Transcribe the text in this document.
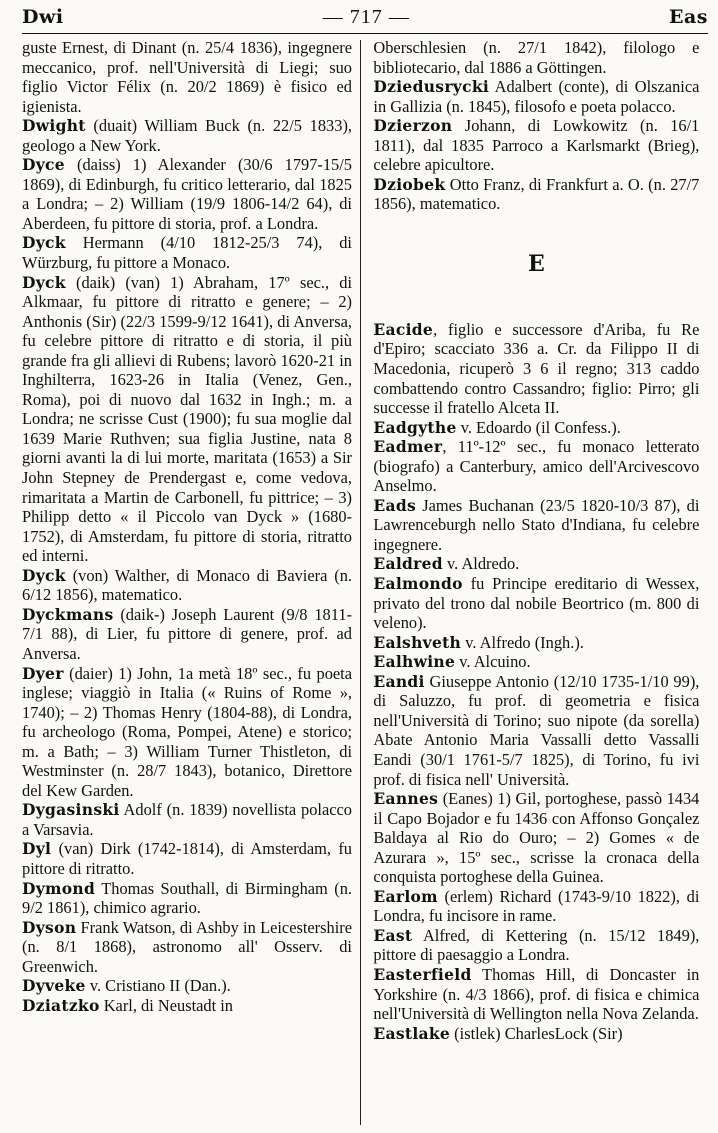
Dwi	— 717 —	Eas

guste Ernest, di Dinant (n. 25/4 1836), ingegnere meccanico, prof. nell'Università di Liegi; suo figlio Victor Félix (n. 20/2 1869) è fisico ed igienista.

Dwight (duait) William Buck (n. 22/5 1833), geologo a New York.

Dyce (daiss) 1) Alexander (30/6 1797-15/5 1869), di Edinburgh, fu critico letterario, dal 1825 a Londra; – 2) William (19/9 1806-14/2 64), di Aberdeen, fu pittore di storia, prof. a Londra.

Dyck Hermann (4/10 1812-25/3 74), di Würzburg, fu pittore a Monaco.

Dyck (daik) (van) 1) Abraham, 17º sec., di Alkmaar, fu pittore di ritratto e genere; – 2) Anthonis (Sir) (22/3 1599-9/12 1641), di Anversa, fu celebre pittore di ritratto e di storia, il più grande fra gli allievi di Rubens; lavorò 1620-21 in Inghilterra, 1623-26 in Italia (Venez, Gen., Roma), poi di nuovo dal 1632 in Ingh.; m. a Londra; ne scrisse Cust (1900); fu sua moglie dal 1639 Marie Ruthven; sua figlia Justine, nata 8 giorni avanti la di lui morte, maritata (1653) a Sir John Stepney de Prendergast e, come vedova, rimaritata a Martin de Carbonell, fu pittrice; – 3) Philipp detto « il Piccolo van Dyck » (1680-1752), di Amsterdam, fu pittore di storia, ritratto ed interni.

Dyck (von) Walther, di Monaco di Baviera (n. 6/12 1856), matematico.

Dyckmans (daik-) Joseph Laurent (9/8 1811-7/1 88), di Lier, fu pittore di genere, prof. ad Anversa.

Dyer (daier) 1) John, 1a metà 18º sec., fu poeta inglese; viaggiò in Italia (« Ruins of Rome », 1740); – 2) Thomas Henry (1804-88), di Londra, fu archeologo (Roma, Pompei, Atene) e storico; m. a Bath; – 3) William Turner Thistleton, di Westminster (n. 28/7 1843), botanico, Direttore del Kew Garden.

Dygasinski Adolf (n. 1839) novellista polacco a Varsavia.

Dyl (van) Dirk (1742-1814), di Amsterdam, fu pittore di ritratto.

Dymond Thomas Southall, di Birmingham (n. 9/2 1861), chimico agrario.

Dyson Frank Watson, di Ashby in Leicestershire (n. 8/1 1868), astronomo all' Osserv. di Greenwich.

Dyveke v. Cristiano II (Dan.).

Dziatzko Karl, di Neustadt in

Oberschlesien (n. 27/1 1842), filologo e bibliotecario, dal 1886 a Göttingen.

Dziedusrycki Adalbert (conte), di Olszanica in Gallizia (n. 1845), filosofo e poeta polacco.

Dzierzon Johann, di Lowkowitz (n. 16/1 1811), dal 1835 Parroco a Karlsmarkt (Brieg), celebre apicultore.

Dziobek Otto Franz, di Frankfurt a. O. (n. 27/7 1856), matematico.

E

Eacide, figlio e successore d'Ariba, fu Re d'Epiro; scacciato 336 a. Cr. da Filippo II di Macedonia, ricuperò 3 6 il regno; 313 caddo combattendo contro Cassandro; figlio: Pirro; gli successe il fratello Alceta II.

Eadgythe v. Edoardo (il Confess.).

Eadmer, 11º-12º sec., fu monaco letterato (biografo) a Canterbury, amico dell'Arcivescovo Anselmo.

Eads James Buchanan (23/5 1820-10/3 87), di Lawrenceburgh nello Stato d'Indiana, fu celebre ingegnere.

Ealdred v. Aldredo.

Ealmondo fu Principe ereditario di Wessex, privato del trono dal nobile Beortrico (m. 800 di veleno).

Ealshveth v. Alfredo (Ingh.).

Ealhwine v. Alcuino.

Eandi Giuseppe Antonio (12/10 1735-1/10 99), di Saluzzo, fu prof. di geometria e fisica nell'Università di Torino; suo nipote (da sorella) Abate Antonio Maria Vassalli detto Vassalli Eandi (30/1 1761-5/7 1825), di Torino, fu ivi prof. di fisica nell' Università.

Eannes (Eanes) 1) Gil, portoghese, passò 1434 il Capo Bojador e fu 1436 con Affonso Gonçalez Baldaya al Rio do Ouro; – 2) Gomes « de Azurara », 15º sec., scrisse la cronaca della conquista portoghese della Guinea.

Earlom (erlem) Richard (1743-9/10 1822), di Londra, fu incisore in rame.

East Alfred, di Kettering (n. 15/12 1849), pittore di paesaggio a Londra.

Easterfield Thomas Hill, di Doncaster in Yorkshire (n. 4/3 1866), prof. di fisica e chimica nell'Università di Wellington nella Nova Zelanda.

Eastlake (istlek) CharlesLock (Sir)
